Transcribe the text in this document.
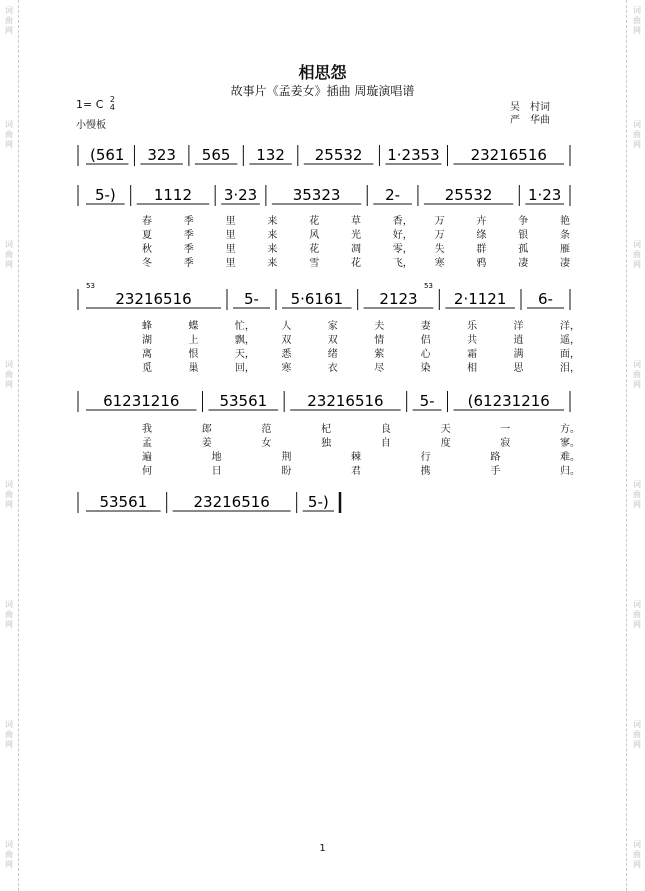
词曲网
词曲网
词曲网
词曲网
词曲网
词曲网
词曲网
词曲网
词曲网
词曲网
词曲网
词曲网
词曲网
词曲网
词曲网
词曲网
相思怨
故事片《孟姜女》插曲 周璇演唱谱
1= C 2
4
小慢板
吴　村词
严　华曲
(561̇ 323 565 132 25532 1·2353 23216516
5-)	1112 3·23 35323	2-	25532 1·23
23216516	5- 5·6161 2123 2·1121 6-
61231216	53561	23216516 5- (61231216
53561	23216516	5-)
53	53
春	季	里	来	花	草	香， 万	卉	争	艳
夏	季	里	来	风	光	好， 万	绦	银	条
秋	季	里	来	花	凋	零， 失	群	孤	雁
冬	季	里	来	雪	花	飞， 寒	鸦	凄	凄
蜂	蝶	忙，	人	家	夫	妻	乐	洋	洋，
湖	上	飘，	双	双	情	侣	共	逍	遥，
离	恨	天，	悉	绪	萦	心	霜	满	面，
觅	巢	回，	寒	衣	尽	染	相	思	泪，
我	郎	范	杞	良	天	一	方。
孟	姜	女	独	自	度	寂	寥。
遍	地	荆	棘	行	路	难。
何	日	盼	君	携	手	归。
1
